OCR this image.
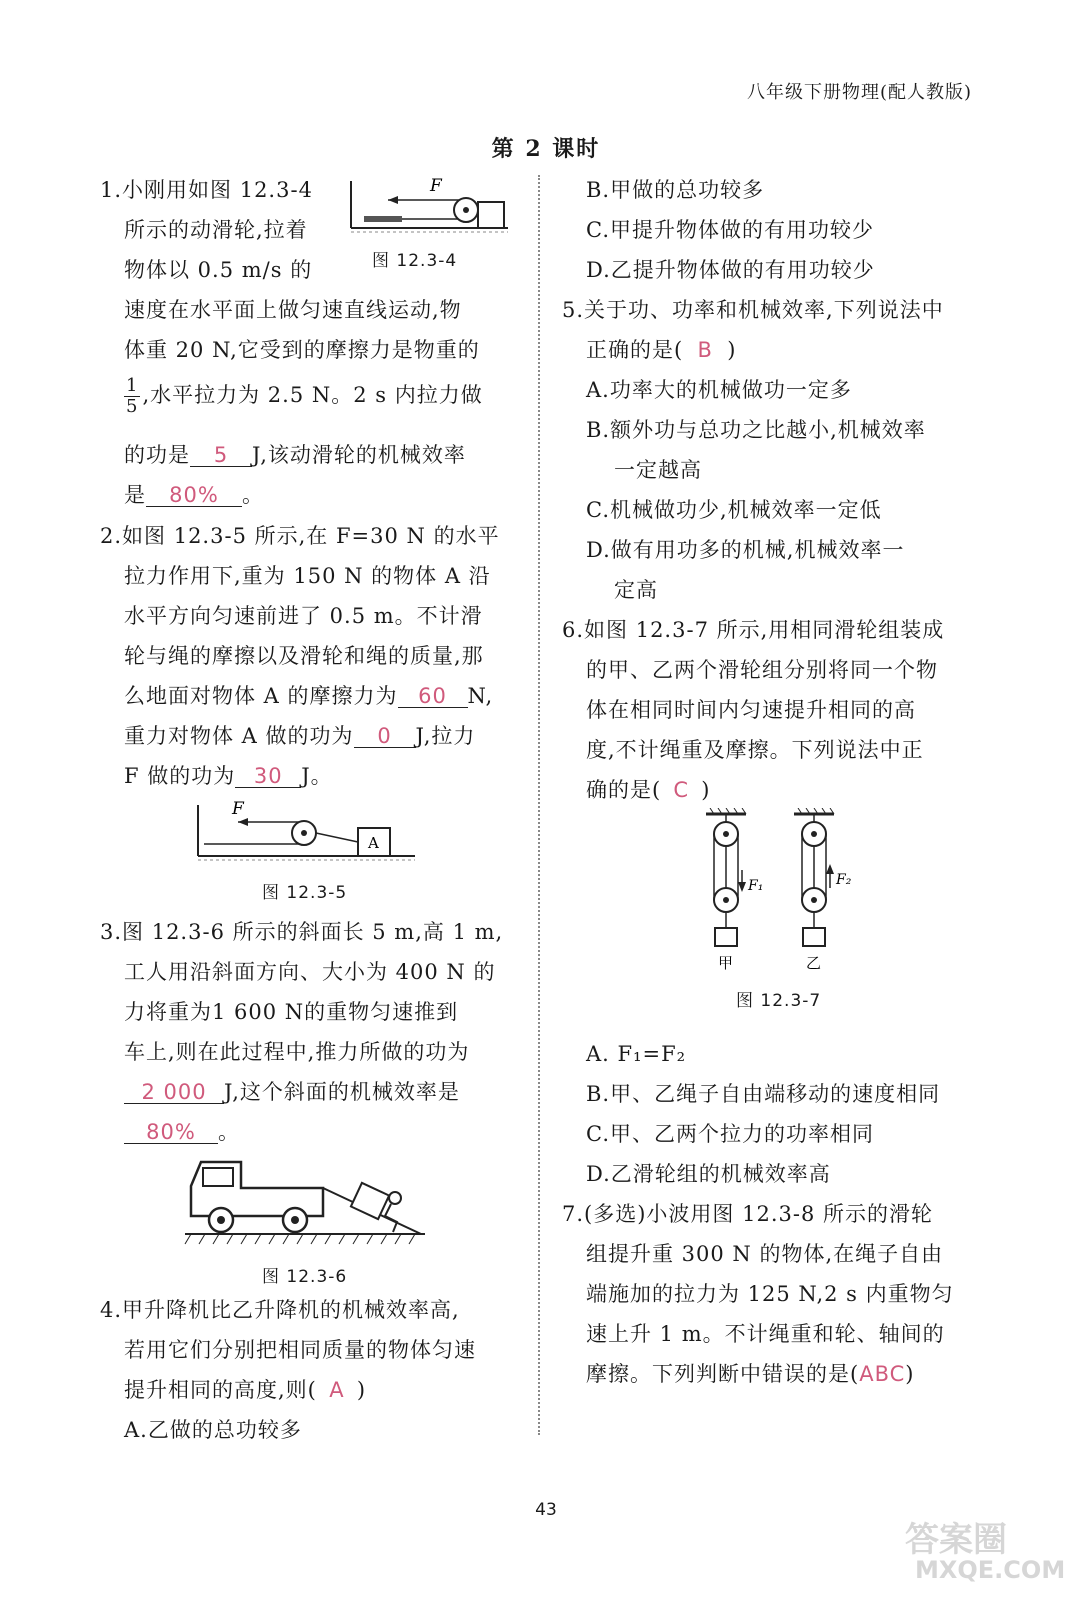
八年级下册物理(配人教版)
第 2 课时
1.小刚用如图 12.3-4
所示的动滑轮,拉着
物体以 0.5 m/s 的
速度在水平面上做匀速直线运动,物
体重 20 N,它受到的摩擦力是物重的
$\frac{1}{5}$ ,水平拉力为 2.5 N。2 s 内拉力做
的功是 5 J,该动滑轮的机械效率
是 80% 。
F
图 12.3-4
2.如图 12.3-5 所示,在 F=30 N 的水平
拉力作用下,重为 150 N 的物体 A 沿
水平方向匀速前进了 0.5 m。不计滑
轮与绳的摩擦以及滑轮和绳的质量,那
么地面对物体 A 的摩擦力为 60 N,
重力对物体 A 做的功为 0 J,拉力
F 做的功为 30 J。
A
F
图 12.3-5
3.图 12.3-6 所示的斜面长 5 m,高 1 m,
工人用沿斜面方向、大小为 400 N 的
力将重为1 600 N的重物匀速推到
车上,则在此过程中,推力所做的功为
2 000 J,这个斜面的机械效率是
80% 。
图 12.3-6
4.甲升降机比乙升降机的机械效率高,
若用它们分别把相同质量的物体匀速
提升相同的高度,则( A )
A.乙做的总功较多
B.甲做的总功较多
C.甲提升物体做的有用功较少
D.乙提升物体做的有用功较少
5.关于功、功率和机械效率,下列说法中
正确的是( B )
A.功率大的机械做功一定多
B.额外功与总功之比越小,机械效率
一定越高
C.机械做功少,机械效率一定低
D.做有用功多的机械,机械效率一
定高
6.如图 12.3-7 所示,用相同滑轮组装成
的甲、乙两个滑轮组分别将同一个物
体在相同时间内匀速提升相同的高
度,不计绳重及摩擦。下列说法中正
确的是( C )
F₁
甲
F₂
乙
图 12.3-7
A. F₁=F₂
B.甲、乙绳子自由端移动的速度相同
C.甲、乙两个拉力的功率相同
D.乙滑轮组的机械效率高
7.(多选)小波用图 12.3-8 所示的滑轮
组提升重 300 N 的物体,在绳子自由
端施加的拉力为 125 N,2 s 内重物匀
速上升 1 m。不计绳重和轮、轴间的
摩擦。下列判断中错误的是(ABC)
43
答案圈
MXQE.COM
